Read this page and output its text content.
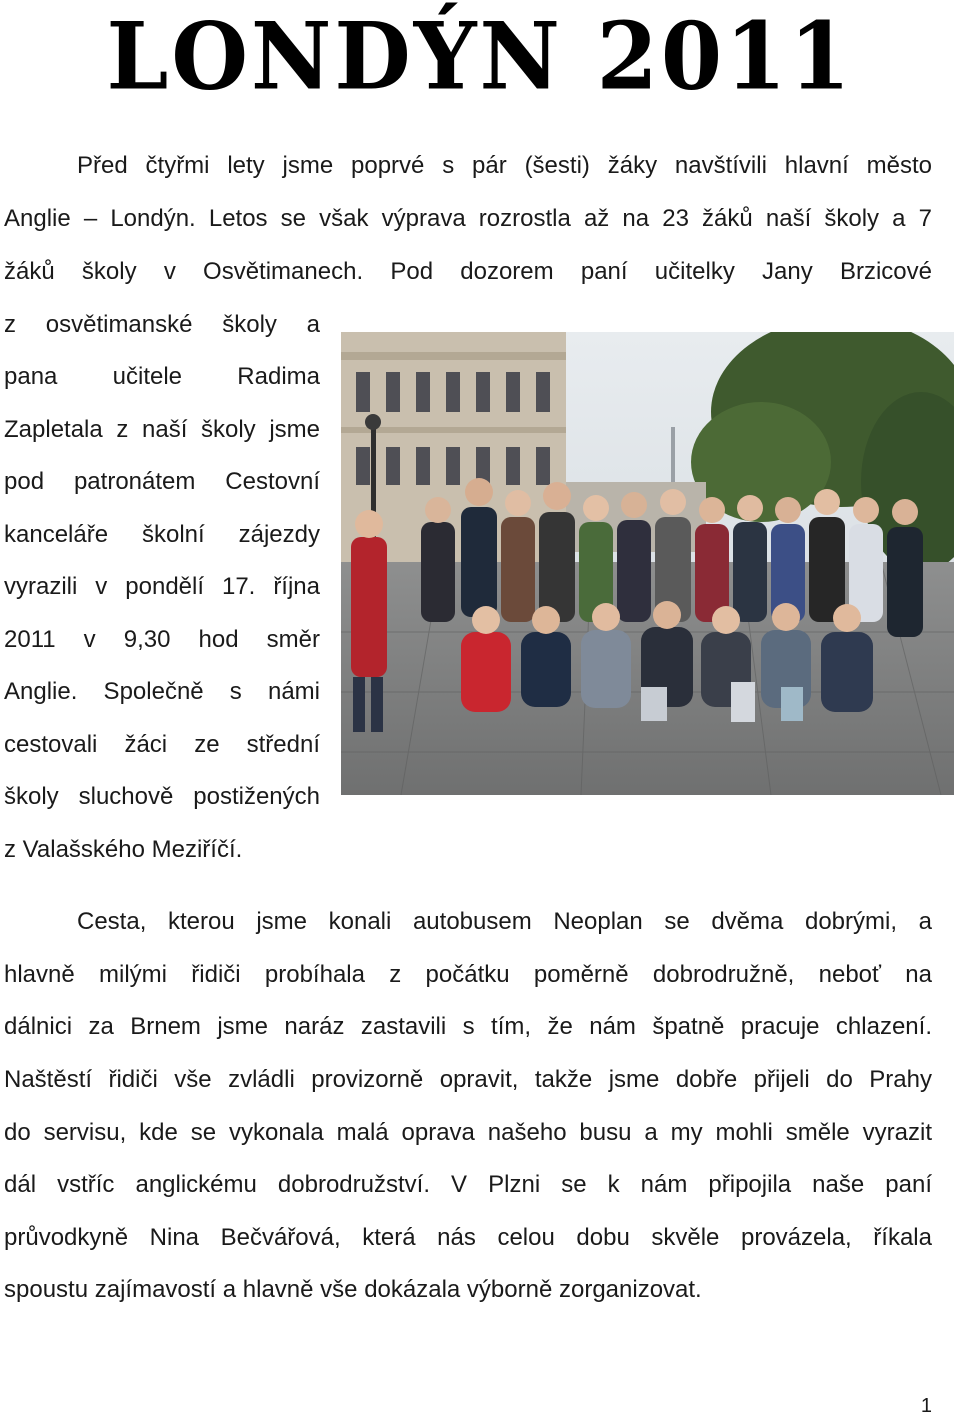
LONDÝN 2011
Před čtyřmi lety jsme poprvé s pár (šesti) žáky navštívili hlavní město
Anglie – Londýn. Letos se však výprava rozrostla až na 23 žáků naší školy a 7
žáků školy v Osvětimanech. Pod dozorem paní učitelky Jany Brzicové
z osvětimanské školy a
pana učitele Radima
Zapletala z naší školy jsme
pod patronátem Cestovní
kanceláře školní zájezdy
vyrazili v pondělí 17. října
2011 v 9,30 hod směr
Anglie. Společně s námi
cestovali žáci ze střední
školy sluchově postižených
z Valašského Meziříčí.
Cesta, kterou jsme konali autobusem Neoplan se dvěma dobrými, a
hlavně milými řidiči probíhala z počátku poměrně dobrodružně, neboť na
dálnici za Brnem jsme naráz zastavili s tím, že nám špatně pracuje chlazení.
Naštěstí řidiči vše zvládli provizorně opravit, takže jsme dobře přijeli do Prahy
do servisu, kde se vykonala malá oprava našeho busu a my mohli směle vyrazit
dál vstříc anglickému dobrodružství. V Plzni se k nám připojila naše paní
průvodkyně Nina Bečvářová, která nás celou dobu skvěle provázela, říkala
spoustu zajímavostí a hlavně vše dokázala výborně zorganizovat.
1
